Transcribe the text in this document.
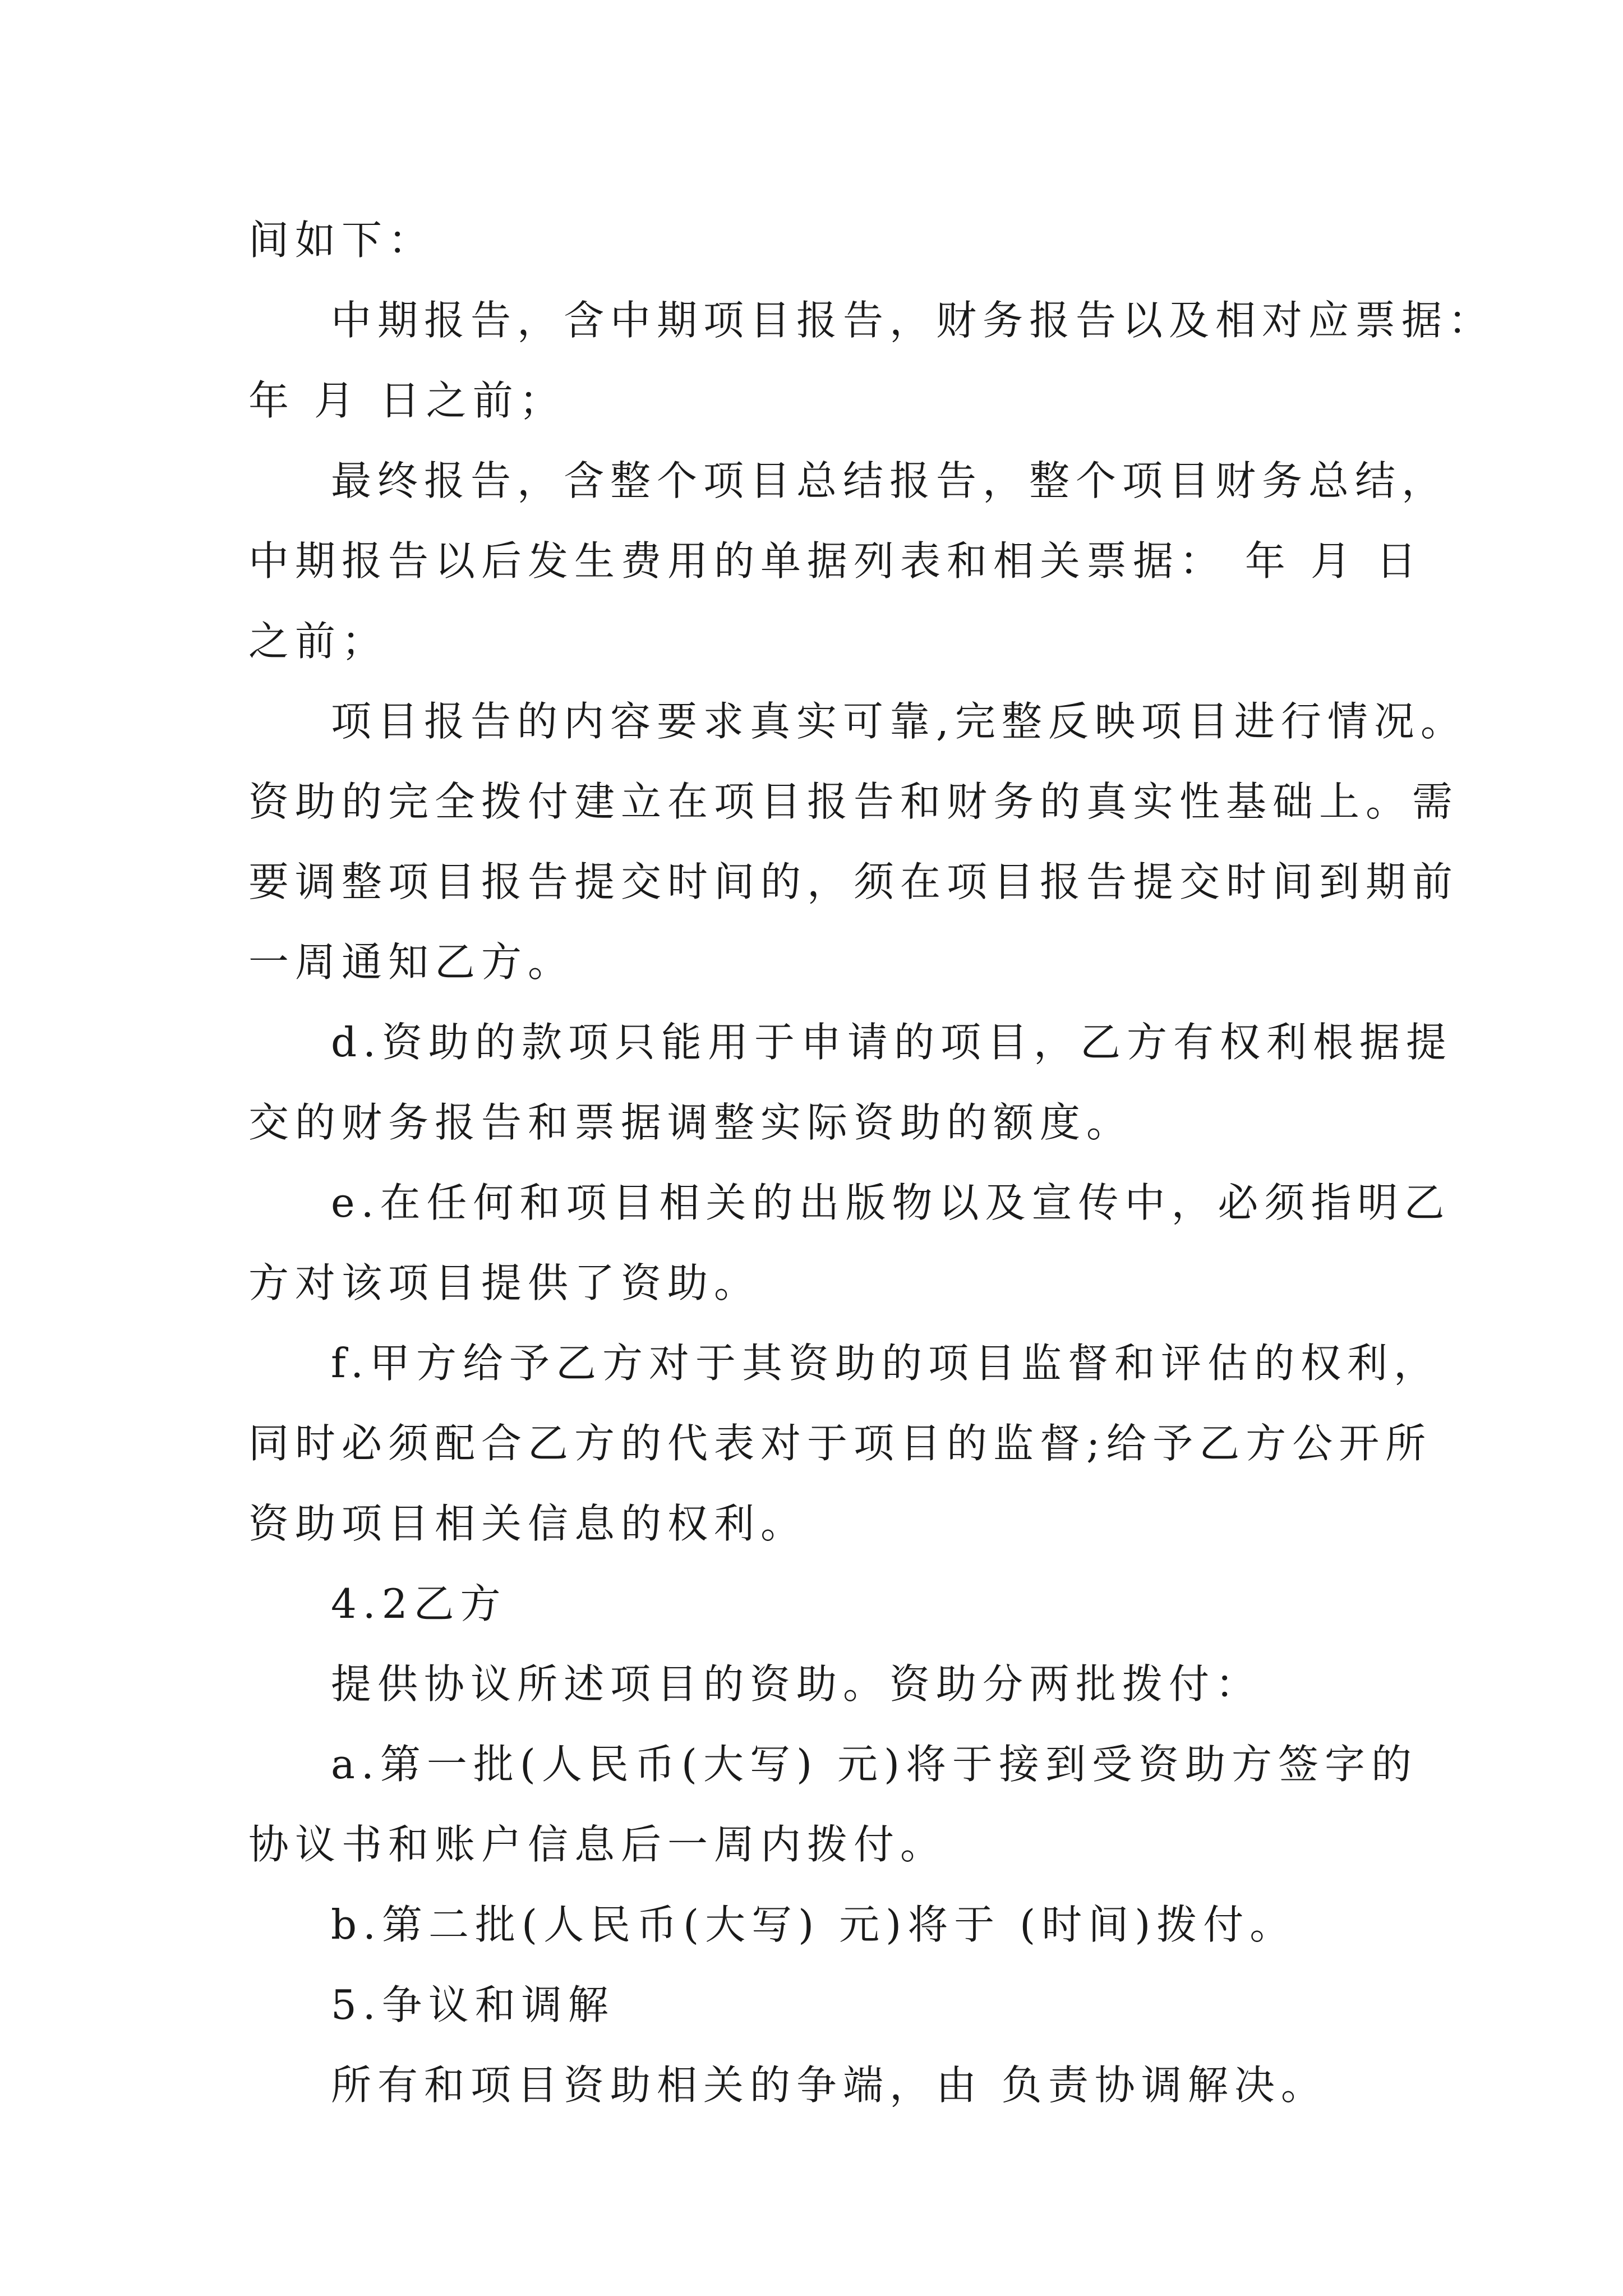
间如下：
中期报告，含中期项目报告，财务报告以及相对应票据：
年 月 日之前；
最终报告，含整个项目总结报告，整个项目财务总结，
中期报告以后发生费用的单据列表和相关票据： 年 月 日
之前；
项目报告的内容要求真实可靠,完整反映项目进行情况。
资助的完全拨付建立在项目报告和财务的真实性基础上。需
要调整项目报告提交时间的，须在项目报告提交时间到期前
一周通知乙方。
d.资助的款项只能用于申请的项目，乙方有权利根据提
交的财务报告和票据调整实际资助的额度。
e.在任何和项目相关的出版物以及宣传中，必须指明乙
方对该项目提供了资助。
f.甲方给予乙方对于其资助的项目监督和评估的权利，
同时必须配合乙方的代表对于项目的监督;给予乙方公开所
资助项目相关信息的权利。
4.2乙方
提供协议所述项目的资助。资助分两批拨付：
a.第一批(人民币(大写) 元)将于接到受资助方签字的
协议书和账户信息后一周内拨付。
b.第二批(人民币(大写) 元)将于 (时间)拨付。
5.争议和调解
所有和项目资助相关的争端，由 负责协调解决。
